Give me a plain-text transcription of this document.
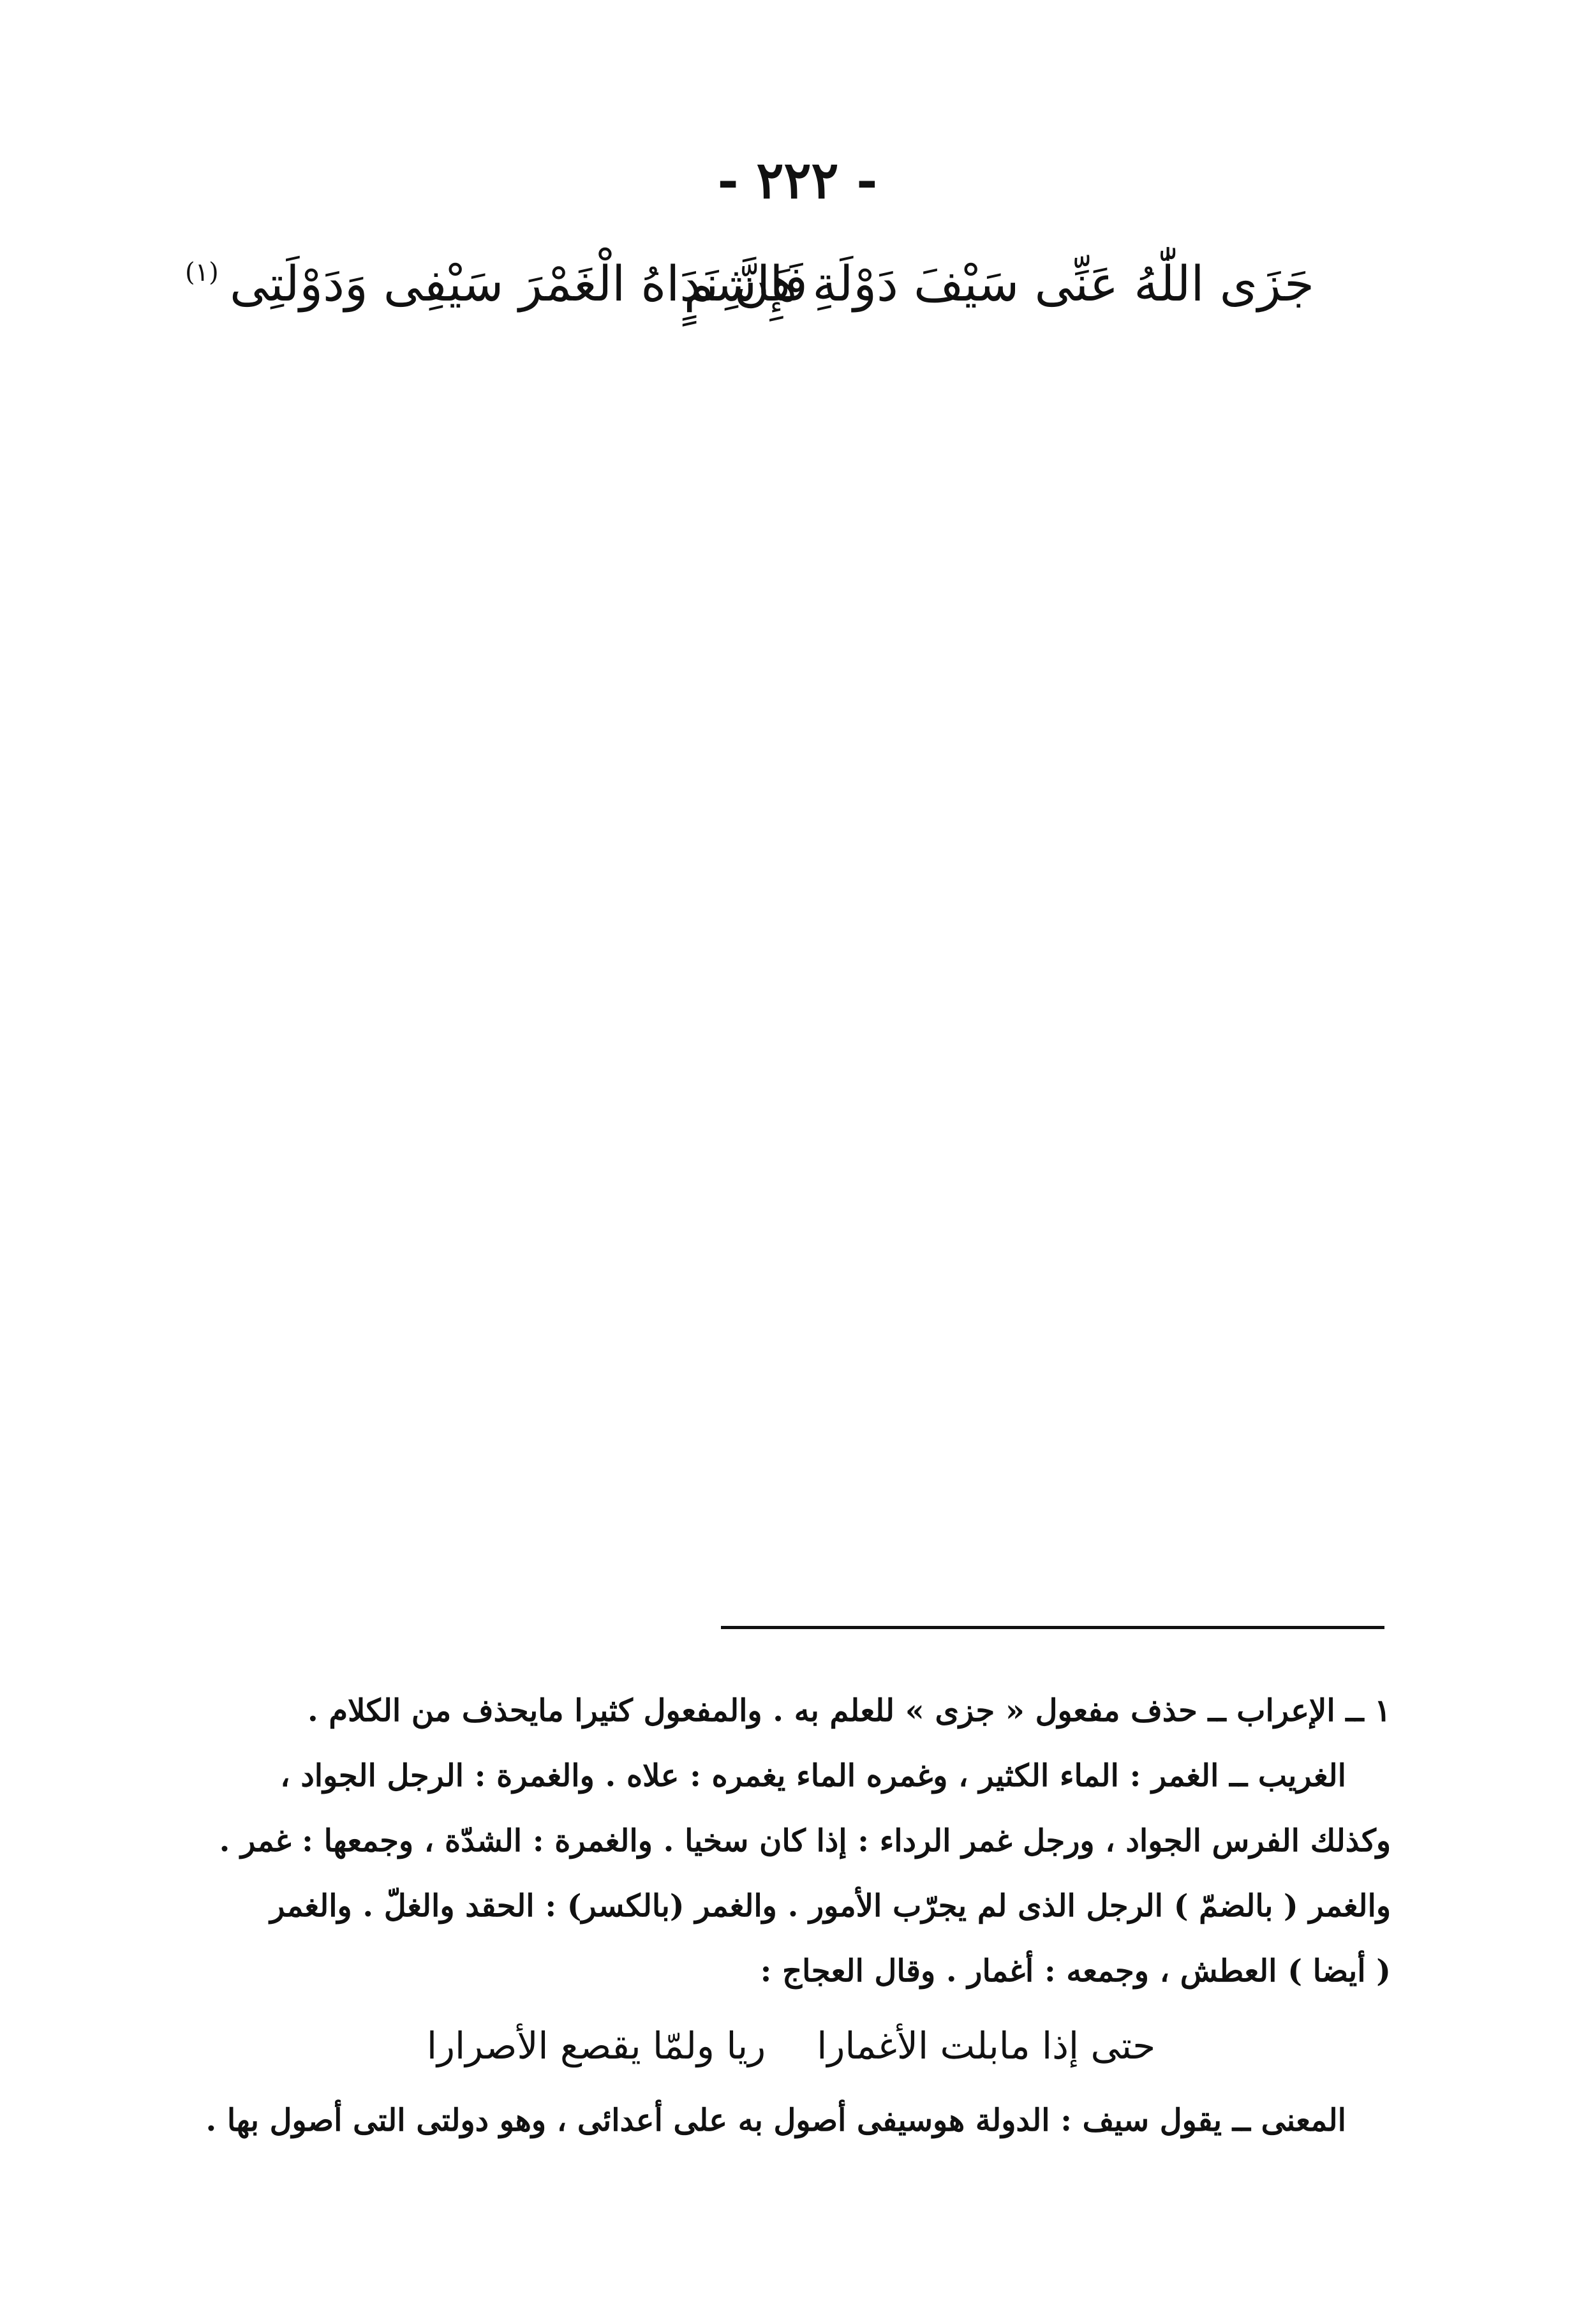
- ٢٢٢ -
جَزَى اللّٰهُ عَنِّى سَيْفَ دَوْلَةِ هَاشِمٍ
فَإِنَّ نَدَاهُ الْغَمْرَ سَيْفِى وَدَوْلَتِى
(١)
١ ــ الإعراب ــ حذف مفعول « جزى » للعلم به . والمفعول كثيرا مايحذف من الكلام .
الغريب ــ الغمر : الماء الكثير ، وغمره الماء يغمره : علاه . والغمرة : الرجل الجواد ،
وكذلك الفرس الجواد ، ورجل غمر الرداء : إذا كان سخيا . والغمرة : الشدّة ، وجمعها : غمر .
والغمر ( بالضمّ ) الرجل الذى لم يجرّب الأمور . والغمر (بالكسر) : الحقد والغلّ . والغمر
( أيضا ) العطش ، وجمعه : أغمار . وقال العجاج :
حتى إذا مابلت الأغماراريا ولمّا يقصع الأصرارا
المعنى ــ يقول سيف : الدولة هوسيفى أصول به على أعدائى ، وهو دولتى التى أصول بها .
